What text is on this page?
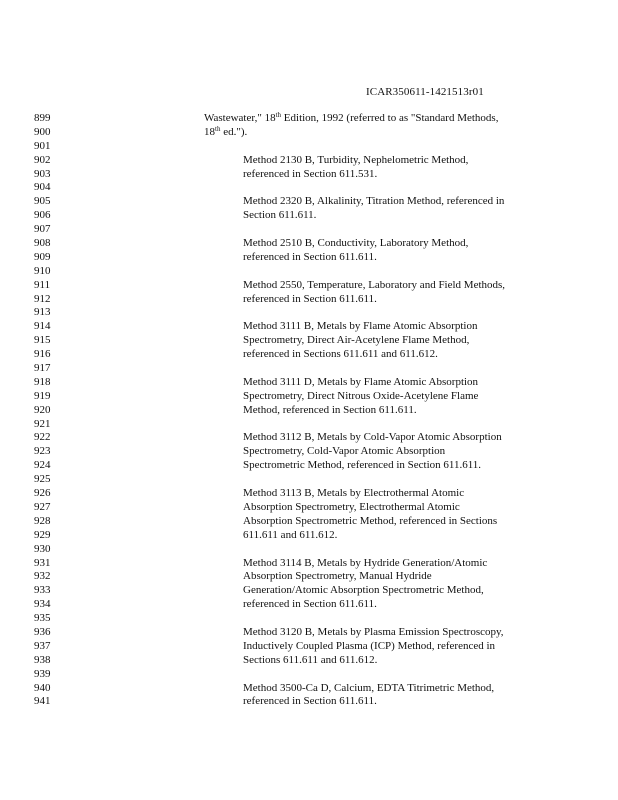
ICAR350611-1421513r01
899	Wastewater," 18th Edition, 1992 (referred to as "Standard Methods,
900	18th ed.").
901
902	Method 2130 B, Turbidity, Nephelometric Method,
903	referenced in Section 611.531.
904
905	Method 2320 B, Alkalinity, Titration Method, referenced in
906	Section 611.611.
907
908	Method 2510 B, Conductivity, Laboratory Method,
909	referenced in Section 611.611.
910
911	Method 2550, Temperature, Laboratory and Field Methods,
912	referenced in Section 611.611.
913
914	Method 3111 B, Metals by Flame Atomic Absorption
915	Spectrometry, Direct Air-Acetylene Flame Method,
916	referenced in Sections 611.611 and 611.612.
917
918	Method 3111 D, Metals by Flame Atomic Absorption
919	Spectrometry, Direct Nitrous Oxide-Acetylene Flame
920	Method, referenced in Section 611.611.
921
922	Method 3112 B, Metals by Cold-Vapor Atomic Absorption
923	Spectrometry, Cold-Vapor Atomic Absorption
924	Spectrometric Method, referenced in Section 611.611.
925
926	Method 3113 B, Metals by Electrothermal Atomic
927	Absorption Spectrometry, Electrothermal Atomic
928	Absorption Spectrometric Method, referenced in Sections
929	611.611 and 611.612.
930
931	Method 3114 B, Metals by Hydride Generation/Atomic
932	Absorption Spectrometry, Manual Hydride
933	Generation/Atomic Absorption Spectrometric Method,
934	referenced in Section 611.611.
935
936	Method 3120 B, Metals by Plasma Emission Spectroscopy,
937	Inductively Coupled Plasma (ICP) Method, referenced in
938	Sections 611.611 and 611.612.
939
940	Method 3500-Ca D, Calcium, EDTA Titrimetric Method,
941	referenced in Section 611.611.
